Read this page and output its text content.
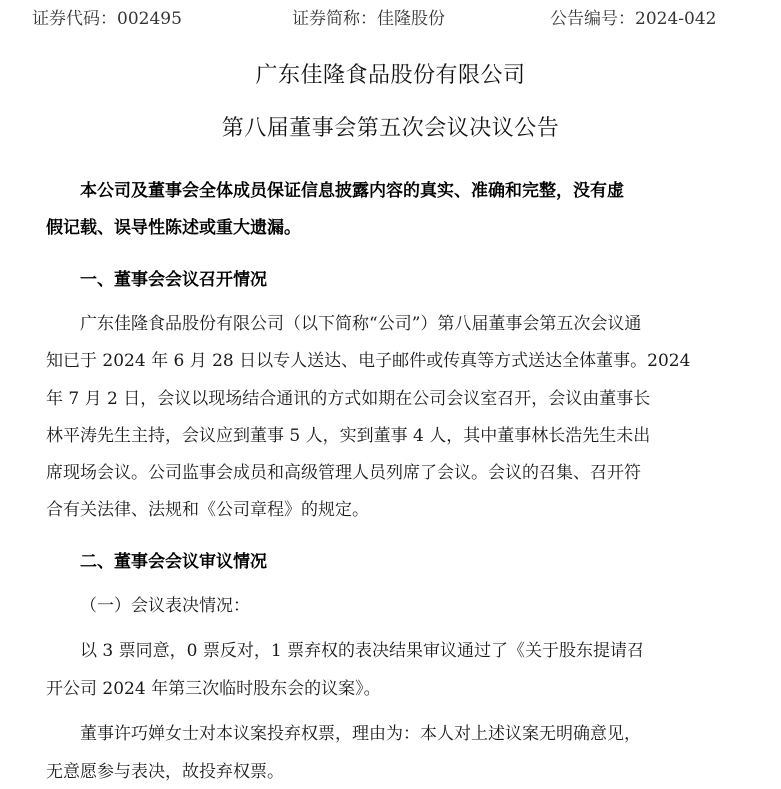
证券代码：002495	证券简称：佳隆股份	公告编号：2024-042
广东佳隆食品股份有限公司
第八届董事会第五次会议决议公告
本公司及董事会全体成员保证信息披露内容的真实、准确和完整，没有虚
假记载、误导性陈述或重大遗漏。
一、董事会会议召开情况
广东佳隆食品股份有限公司（以下简称“公司”）第八届董事会第五次会议通
知已于 2024 年 6 月 28 日以专人送达、电子邮件或传真等方式送达全体董事。2024
年 7 月 2 日，会议以现场结合通讯的方式如期在公司会议室召开，会议由董事长
林平涛先生主持，会议应到董事 5 人，实到董事 4 人，其中董事林长浩先生未出
席现场会议。公司监事会成员和高级管理人员列席了会议。会议的召集、召开符
合有关法律、法规和《公司章程》的规定。
二、董事会会议审议情况
（一）会议表决情况：
以 3 票同意，0 票反对，1 票弃权的表决结果审议通过了《关于股东提请召
开公司 2024 年第三次临时股东会的议案》。
董事许巧婵女士对本议案投弃权票，理由为：本人对上述议案无明确意见，
无意愿参与表决，故投弃权票。
